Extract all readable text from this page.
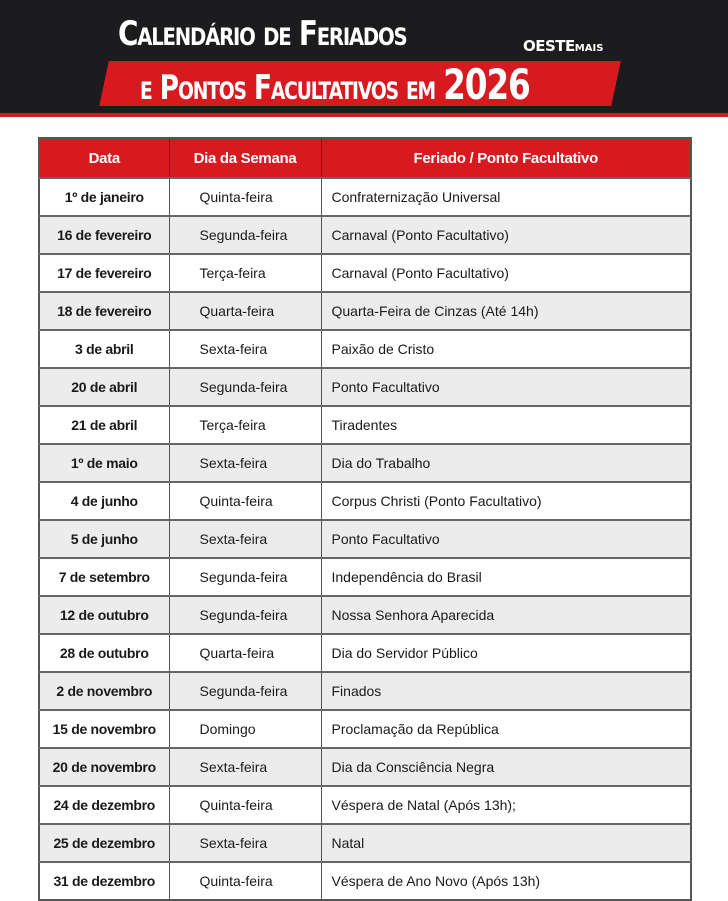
Calendário de Feriados
e Pontos Facultativos em 2026
OESTEMAIS
Data	Dia da Semana	Feriado / Ponto Facultativo
1º de janeiro	Quinta-feira	Confraternização Universal
16 de fevereiro	Segunda-feira	Carnaval (Ponto Facultativo)
17 de fevereiro	Terça-feira	Carnaval (Ponto Facultativo)
18 de fevereiro	Quarta-feira	Quarta-Feira de Cinzas (Até 14h)
3 de abril	Sexta-feira	Paixão de Cristo
20 de abril	Segunda-feira	Ponto Facultativo
21 de abril	Terça-feira	Tiradentes
1º de maio	Sexta-feira	Dia do Trabalho
4 de junho	Quinta-feira	Corpus Christi (Ponto Facultativo)
5 de junho	Sexta-feira	Ponto Facultativo
7 de setembro	Segunda-feira	Independência do Brasil
12 de outubro	Segunda-feira	Nossa Senhora Aparecida
28 de outubro	Quarta-feira	Dia do Servidor Público
2 de novembro	Segunda-feira	Finados
15 de novembro	Domingo	Proclamação da República
20 de novembro	Sexta-feira	Dia da Consciência Negra
24 de dezembro	Quinta-feira	Véspera de Natal (Após 13h);
25 de dezembro	Sexta-feira	Natal
31 de dezembro	Quinta-feira	Véspera de Ano Novo (Após 13h)
